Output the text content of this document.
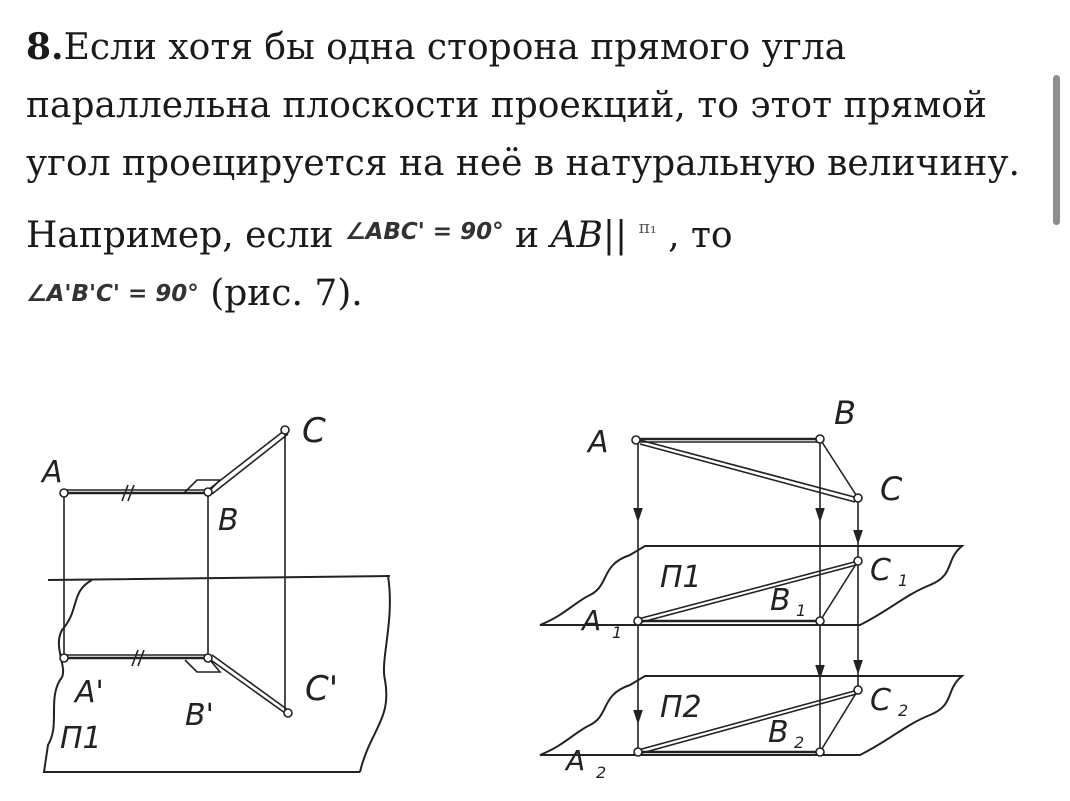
8.Если хотя бы одна сторона прямого угла
параллельна плоскости проекций, то этот прямой
угол проецируется на неё в натуральную величину.
Например, если $^{\angle ABC' = 90^\circ}$ и AB|| $^{\pi_1}$ , то
∠A'B'C' = 90° (рис. 7).
A
B
C
A'
B'
C'
П1
A
B
C
П1
A 1
B 1
C 1
П2
A 2
B 2
C 2
